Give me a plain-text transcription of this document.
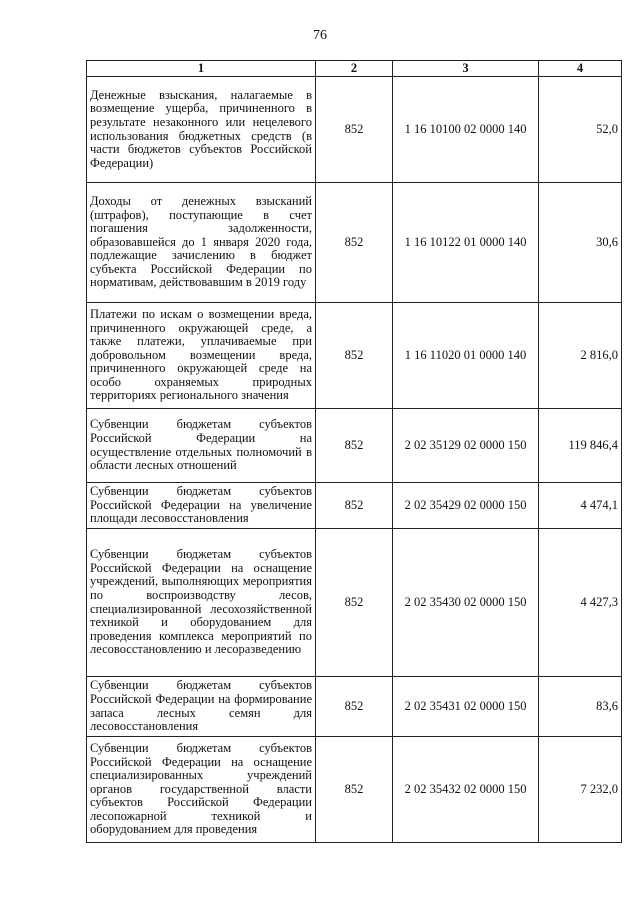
76
1	2	3	4
Денежные взыскания, налагаемые в возмещение ущерба, причиненного в результате незаконного или нецелевого использования бюджетных средств (в части бюджетов субъектов Российской Федерации)	852	1 16 10100 02 0000 140	52,0
Доходы от денежных взысканий (штрафов), поступающие в счет погашения задолженности, образовавшейся до 1 января 2020 года, подлежащие зачислению в бюджет субъекта Российской Федерации по нормативам, действовавшим в 2019 году	852	1 16 10122 01 0000 140	30,6
Платежи по искам о возмещении вреда, причиненного окружающей среде, а также платежи, уплачиваемые при добровольном возмещении вреда, причиненного окружающей среде на особо охраняемых природных территориях регионального значения	852	1 16 11020 01 0000 140	2 816,0
Субвенции бюджетам субъектов Российской Федерации на осуществление отдельных полномочий в области лесных отношений	852	2 02 35129 02 0000 150	119 846,4
Субвенции бюджетам субъектов Российской Федерации на увеличение площади лесовосстановления	852	2 02 35429 02 0000 150	4 474,1
Субвенции бюджетам субъектов Российской Федерации на оснащение учреждений, выполняющих мероприятия по воспроизводству лесов, специализированной лесохозяйственной техникой и оборудованием для проведения комплекса мероприятий по лесовосстановлению и лесоразведению	852	2 02 35430 02 0000 150	4 427,3
Субвенции бюджетам субъектов Российской Федерации на формирование запаса лесных семян для лесовосстановления	852	2 02 35431 02 0000 150	83,6
Субвенции бюджетам субъектов Российской Федерации на оснащение специализированных учреждений органов государственной власти субъектов Российской Федерации лесопожарной техникой и оборудованием для проведения	852	2 02 35432 02 0000 150	7 232,0
